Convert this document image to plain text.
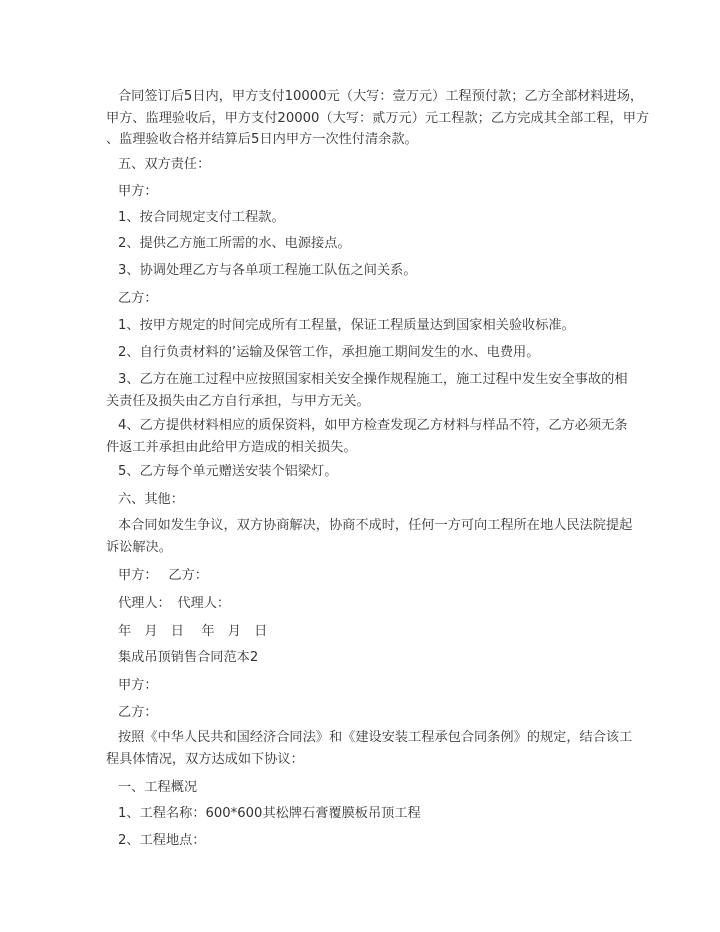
合同签订后5日内，甲方支付10000元（大写：壹万元）工程预付款；乙方全部材料进场，
甲方、监理验收后，甲方支付20000（大写：贰万元）元工程款；乙方完成其全部工程，甲方
、监理验收合格并结算后5日内甲方一次性付清余款。
五、双方责任：
甲方：
1、按合同规定支付工程款。
2、提供乙方施工所需的水、电源接点。
3、协调处理乙方与各单项工程施工队伍之间关系。
乙方：
1、按甲方规定的时间完成所有工程量，保证工程质量达到国家相关验收标准。
2、自行负责材料的’运输及保管工作，承担施工期间发生的水、电费用。
3、乙方在施工过程中应按照国家相关安全操作规程施工，施工过程中发生安全事故的相
关责任及损失由乙方自行承担，与甲方无关。
4、乙方提供材料相应的质保资料，如甲方检查发现乙方材料与样品不符，乙方必须无条
件返工并承担由此给甲方造成的相关损失。
5、乙方每个单元赠送安装个铝梁灯。
六、其他：
本合同如发生争议，双方协商解决，协商不成时，任何一方可向工程所在地人民法院提起
诉讼解决。
甲方：　 乙方：
代理人：　代理人：
年　月　日　 年　月　日
集成吊顶销售合同范本2
甲方：
乙方：
按照《中华人民共和国经济合同法》和《建设安装工程承包合同条例》的规定，结合该工
程具体情况，双方达成如下协议：
一、工程概况
1、工程名称：600*600其松牌石膏覆膜板吊顶工程
2、工程地点：
